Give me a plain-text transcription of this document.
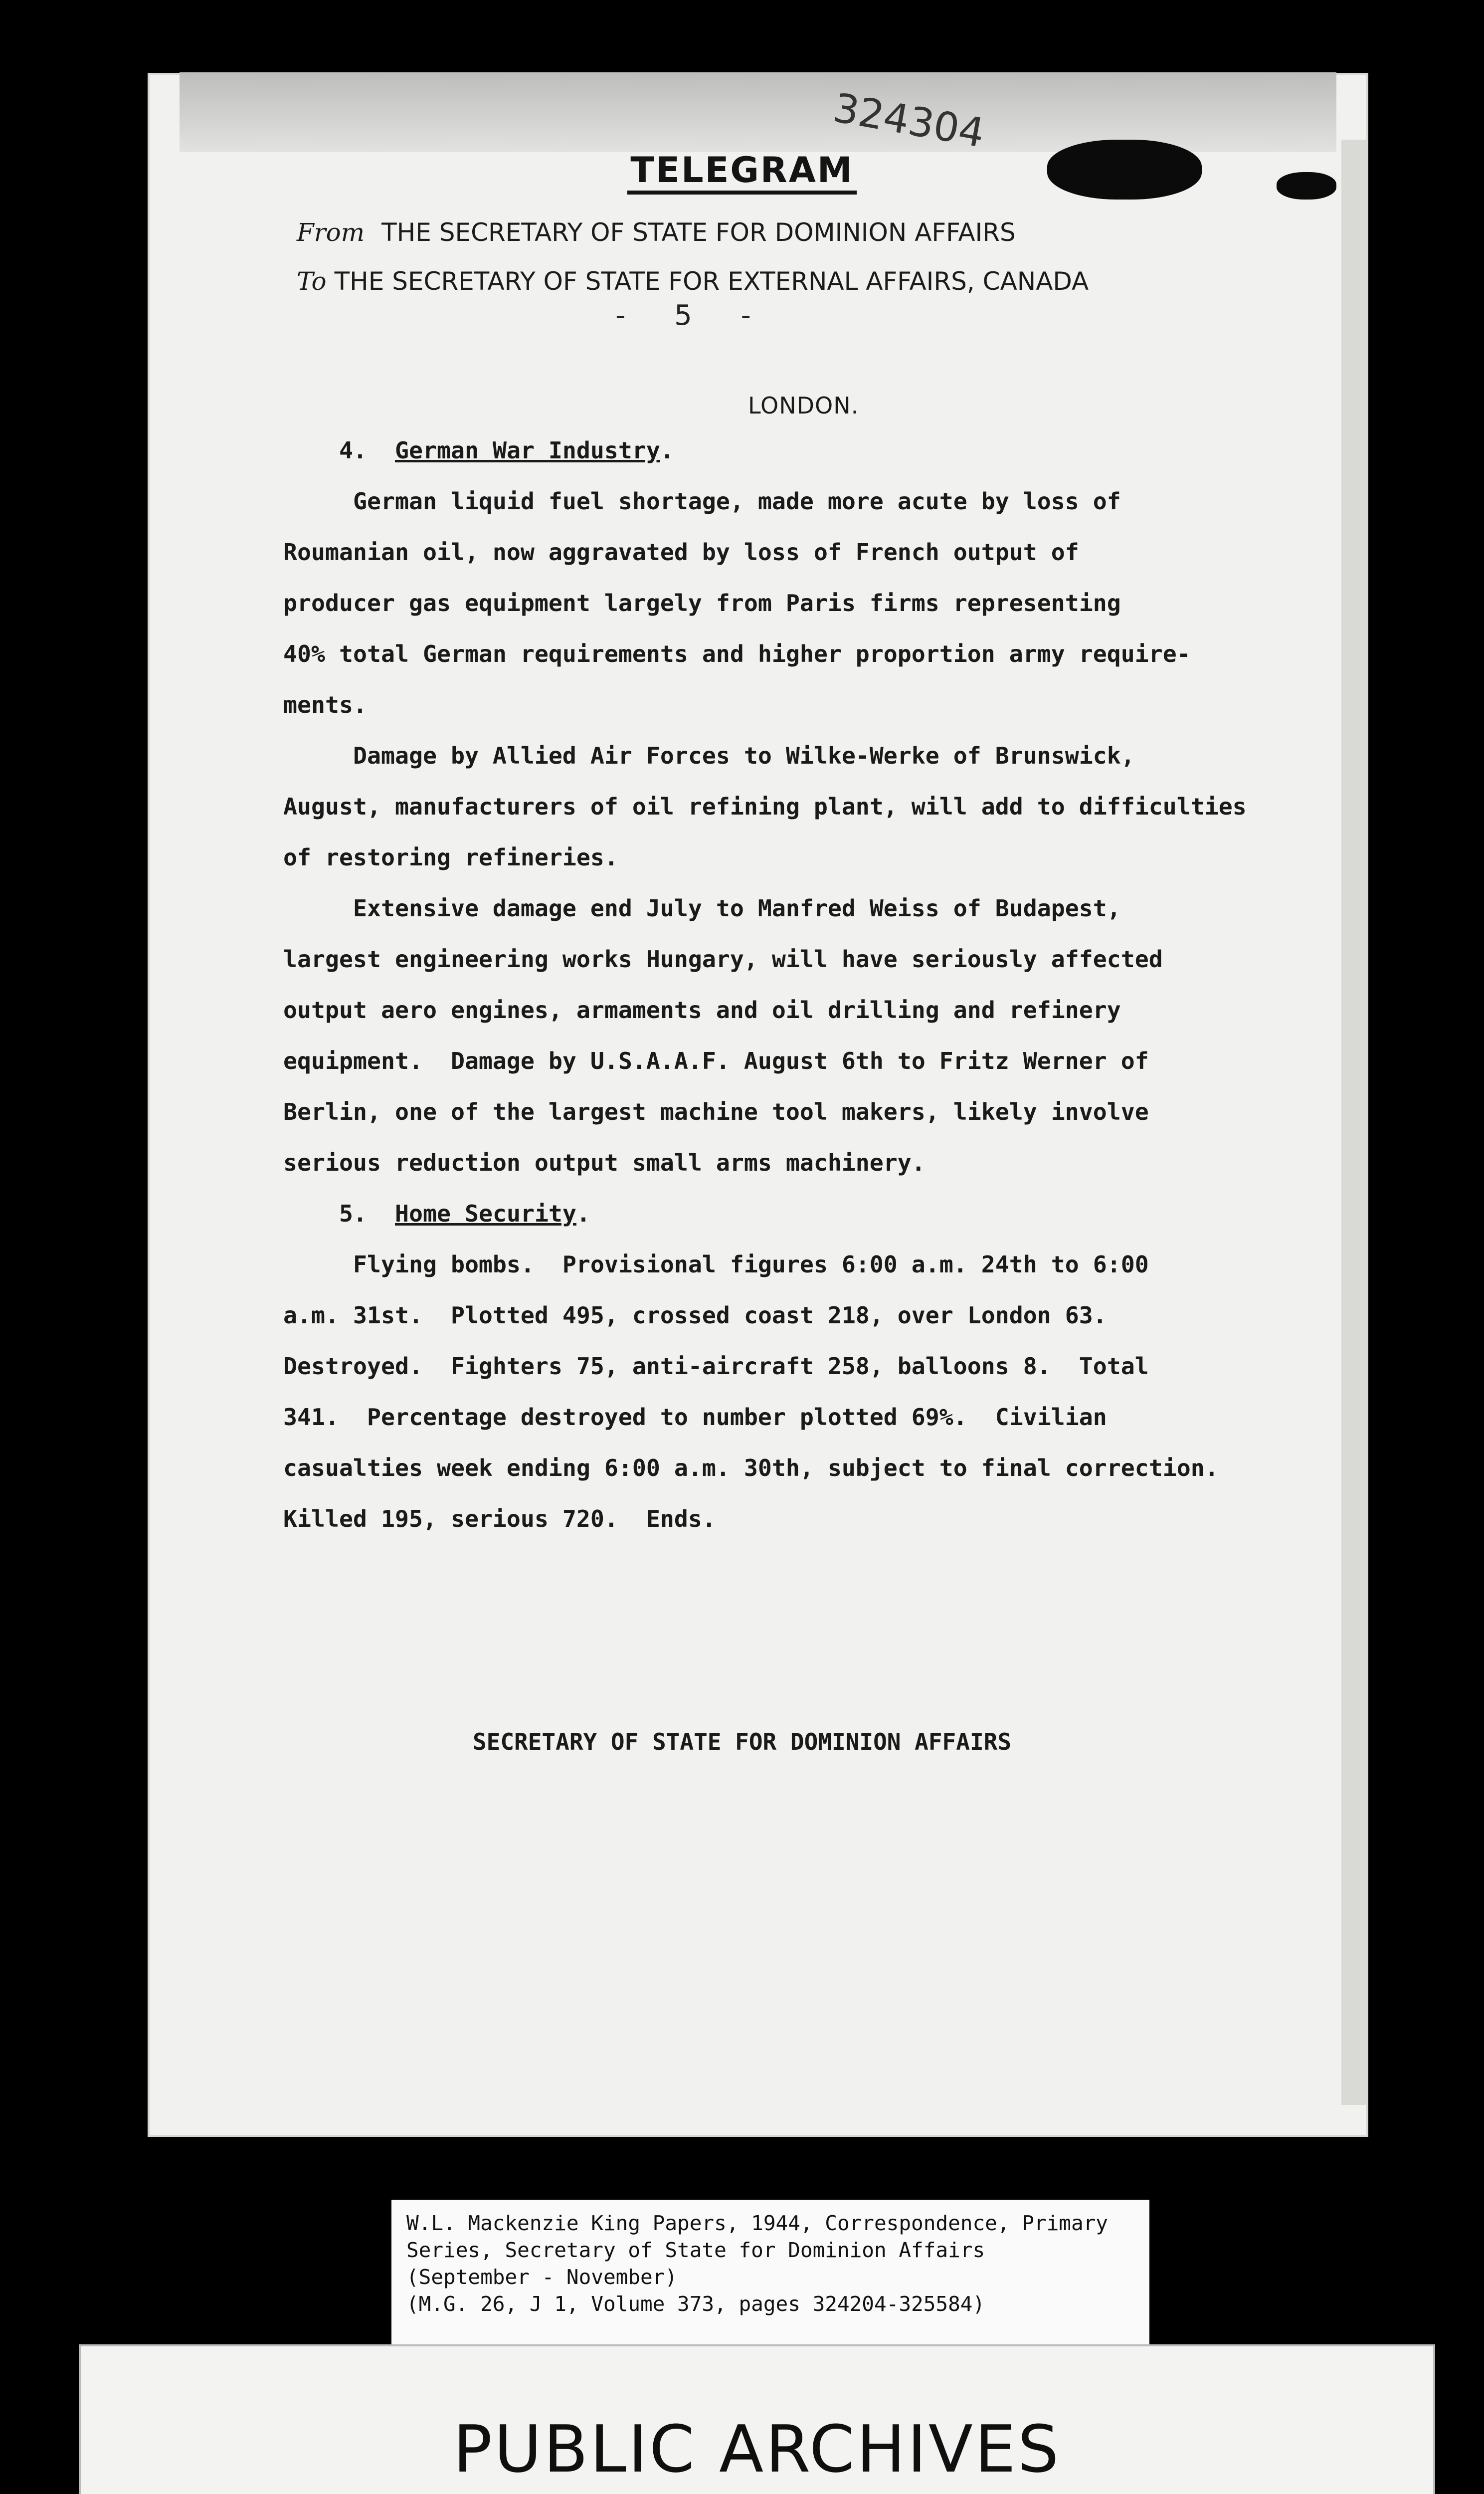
324304
TELEGRAM
From THE SECRETARY OF STATE FOR DOMINION AFFAIRS
To THE SECRETARY OF STATE FOR EXTERNAL AFFAIRS, CANADA
- 5 -
LONDON.
4. German War Industry.
German liquid fuel shortage, made more acute by loss of
Roumanian oil, now aggravated by loss of French output of
producer gas equipment largely from Paris firms representing
40% total German requirements and higher proportion army require-
ments.
Damage by Allied Air Forces to Wilke-Werke of Brunswick,
August, manufacturers of oil refining plant, will add to difficulties
of restoring refineries.
Extensive damage end July to Manfred Weiss of Budapest,
largest engineering works Hungary, will have seriously affected
output aero engines, armaments and oil drilling and refinery
equipment.  Damage by U.S.A.A.F. August 6th to Fritz Werner of
Berlin, one of the largest machine tool makers, likely involve
serious reduction output small arms machinery.
5. Home Security.
Flying bombs.  Provisional figures 6:00 a.m. 24th to 6:00
a.m. 31st.  Plotted 495, crossed coast 218, over London 63.
Destroyed.  Fighters 75, anti-aircraft 258, balloons 8.  Total
341.  Percentage destroyed to number plotted 69%.  Civilian
casualties week ending 6:00 a.m. 30th, subject to final correction.
Killed 195, serious 720.  Ends.
SECRETARY OF STATE FOR DOMINION AFFAIRS
W.L. Mackenzie King Papers, 1944, Correspondence, Primary
Series, Secretary of State for Dominion Affairs
(September - November)
(M.G. 26, J 1, Volume 373, pages 324204-325584)
PUBLIC ARCHIVES
